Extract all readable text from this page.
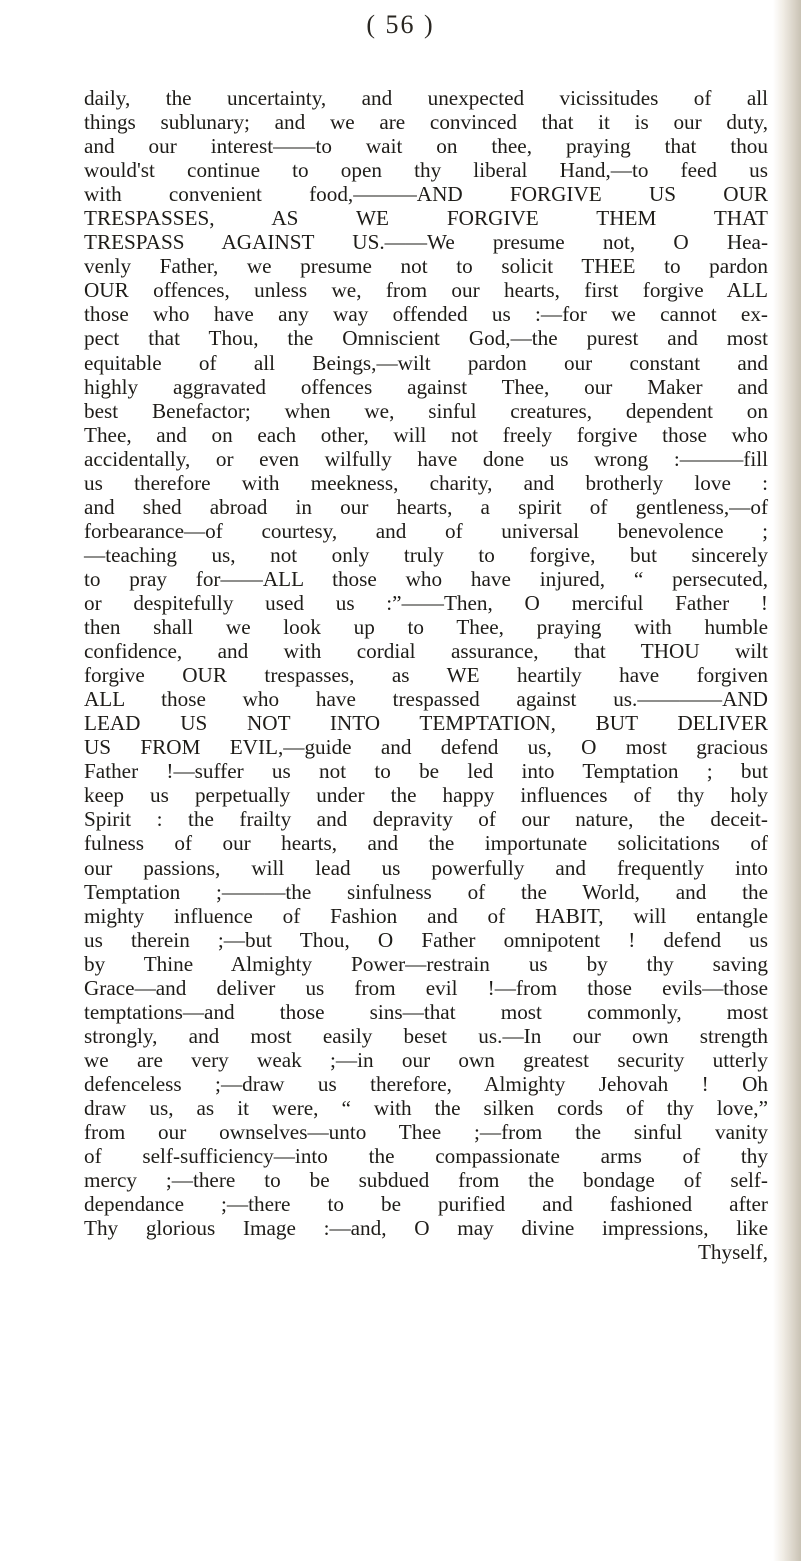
( 56 )
daily, the uncertainty, and unexpected vicissitudes of all
things sublunary; and we are convinced that it is our duty,
and our interest——to wait on thee, praying that thou
would'st continue to open thy liberal Hand,—to feed us
with convenient food,———AND FORGIVE US OUR
TRESPASSES, AS WE FORGIVE THEM THAT
TRESPASS AGAINST US.——We presume not, O Hea-
venly Father, we presume not to solicit THEE to pardon
OUR offences, unless we, from our hearts, first forgive ALL
those who have any way offended us :—for we cannot ex-
pect that Thou, the Omniscient God,—the purest and most
equitable of all Beings,—wilt pardon our constant and
highly aggravated offences against Thee, our Maker and
best Benefactor; when we, sinful creatures, dependent on
Thee, and on each other, will not freely forgive those who
accidentally, or even wilfully have done us wrong :———fill
us therefore with meekness, charity, and brotherly love :
and shed abroad in our hearts, a spirit of gentleness,—of
forbearance—of courtesy, and of universal benevolence ;
—teaching us, not only truly to forgive, but sincerely
to pray for——ALL those who have injured, “ persecuted,
or despitefully used us :”——Then, O merciful Father !
then shall we look up to Thee, praying with humble
confidence, and with cordial assurance, that THOU wilt
forgive OUR trespasses, as WE heartily have forgiven
ALL those who have trespassed against us.————AND
LEAD US NOT INTO TEMPTATION, BUT DELIVER
US FROM EVIL,—guide and defend us, O most gracious
Father !—suffer us not to be led into Temptation ; but
keep us perpetually under the happy influences of thy holy
Spirit : the frailty and depravity of our nature, the deceit-
fulness of our hearts, and the importunate solicitations of
our passions, will lead us powerfully and frequently into
Temptation ;———the sinfulness of the World, and the
mighty influence of Fashion and of HABIT, will entangle
us therein ;—but Thou, O Father omnipotent ! defend us
by Thine Almighty Power—restrain us by thy saving
Grace—and deliver us from evil !—from those evils—those
temptations—and those sins—that most commonly, most
strongly, and most easily beset us.—In our own strength
we are very weak ;—in our own greatest security utterly
defenceless ;—draw us therefore, Almighty Jehovah ! Oh
draw us, as it were, “ with the silken cords of thy love,”
from our ownselves—unto Thee ;—from the sinful vanity
of self-sufficiency—into the compassionate arms of thy
mercy ;—there to be subdued from the bondage of self-
dependance ;—there to be purified and fashioned after
Thy glorious Image :—and, O may divine impressions, like
Thyself,
